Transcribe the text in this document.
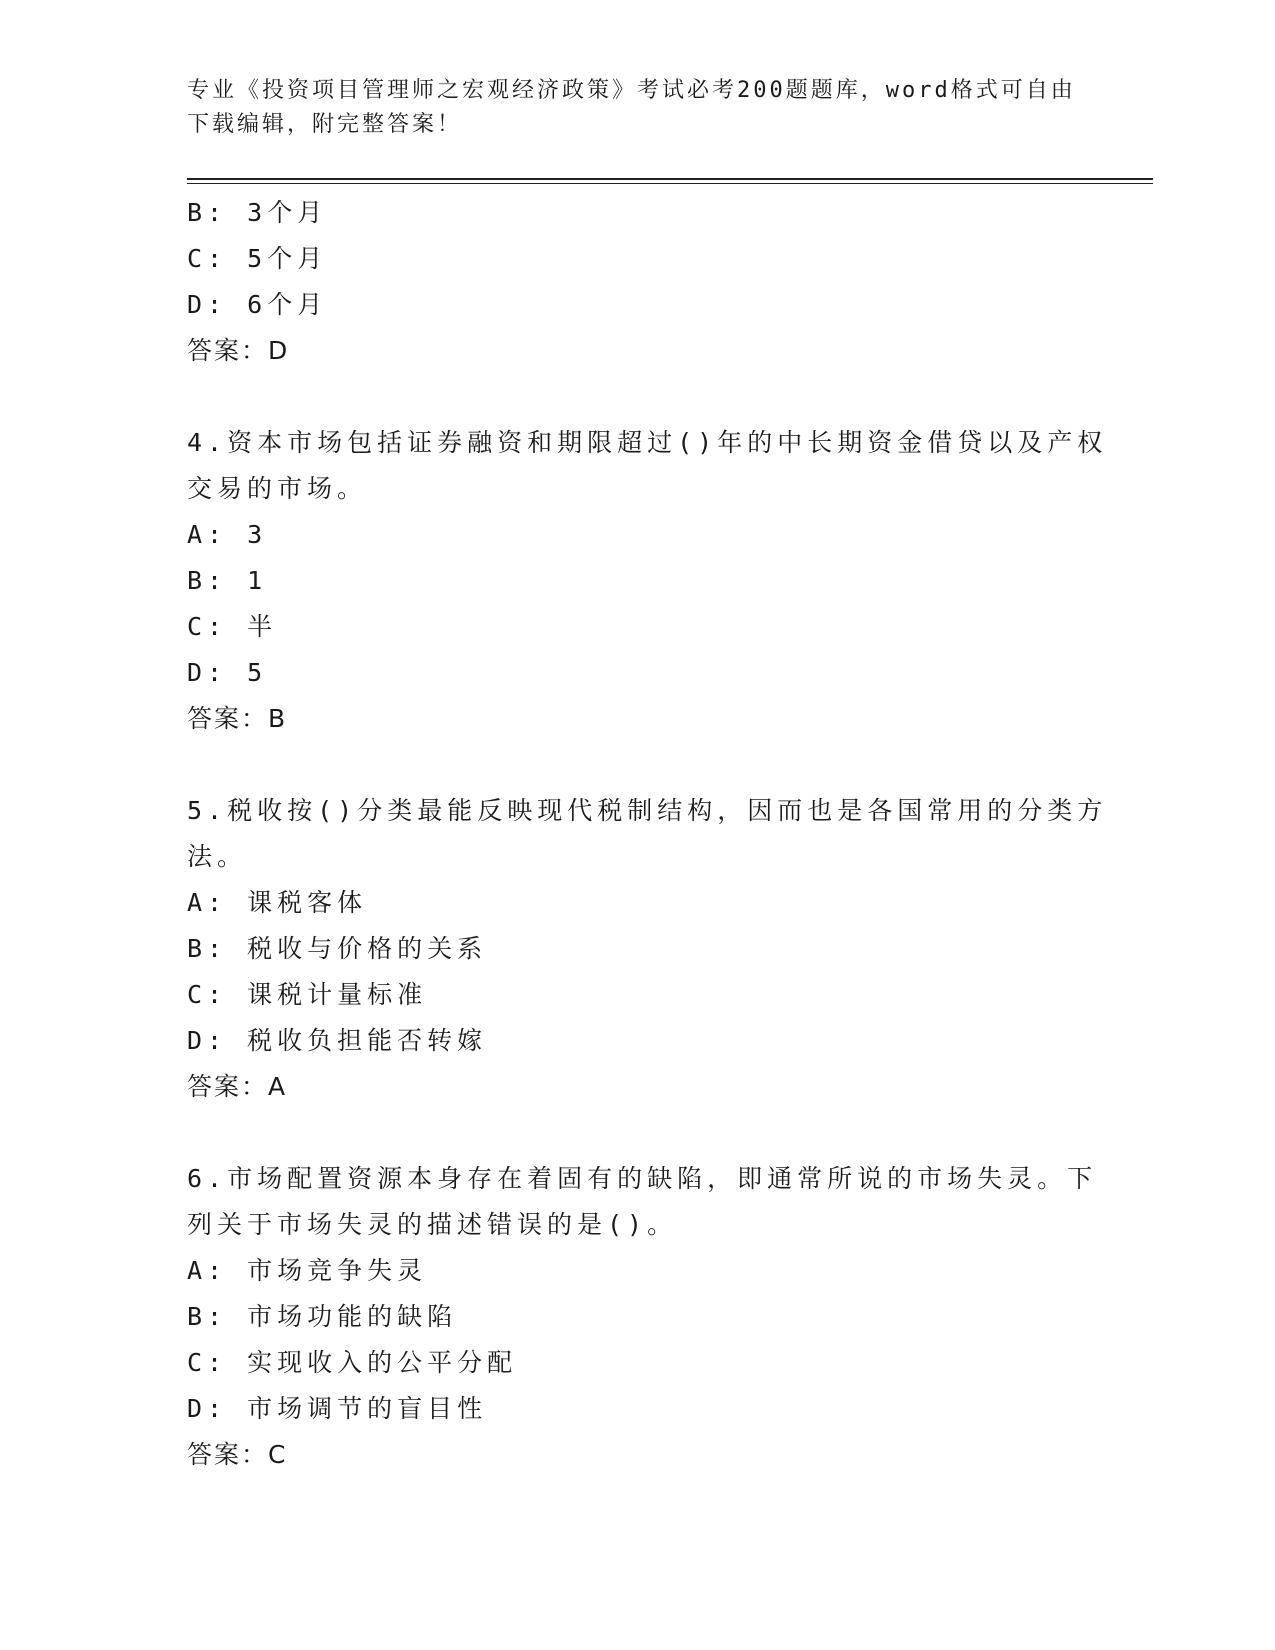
专业《投资项目管理师之宏观经济政策》考试必考200题题库，word格式可自由
下载编辑，附完整答案！
B: 3个月
C: 5个月
D: 6个月
答案：D
4.资本市场包括证券融资和期限超过()年的中长期资金借贷以及产权
交易的市场。
A: 3
B: 1
C: 半
D: 5
答案：B
5.税收按()分类最能反映现代税制结构，因而也是各国常用的分类方
法。
A: 课税客体
B: 税收与价格的关系
C: 课税计量标准
D: 税收负担能否转嫁
答案：A
6.市场配置资源本身存在着固有的缺陷，即通常所说的市场失灵。下
列关于市场失灵的描述错误的是()。
A: 市场竞争失灵
B: 市场功能的缺陷
C: 实现收入的公平分配
D: 市场调节的盲目性
答案：C
